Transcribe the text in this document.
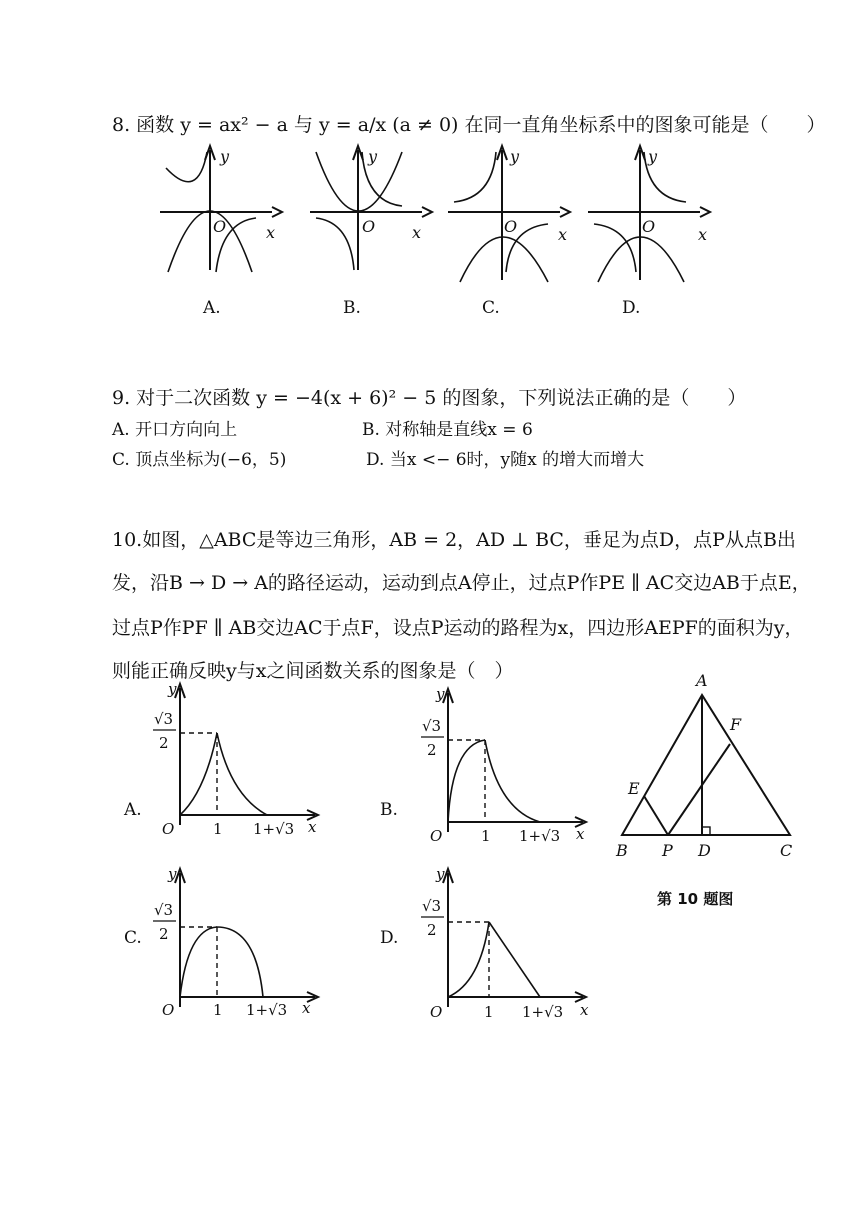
8. 函数 y = ax² − a 与 y = a/x (a ≠ 0) 在同一直角坐标系中的图象可能是（　　）
y
O x
A.
y
O x
B.
y
O	x
C.
y
O	x
D.
9. 对于二次函数 y = −4(x + 6)² − 5 的图象，下列说法正确的是（　　）
A. 开口方向向上	B. 对称轴是直线x = 6
C. 顶点坐标为(−6，5)	D. 当x <− 6时，y随x 的增大而增大
10.如图，△ABC是等边三角形，AB = 2，AD ⊥ BC，垂足为点D，点P从点B出
发，沿B → D → A的路径运动，运动到点A停止，过点P作PE ∥ AC交边AB于点E，
过点P作PF ∥ AB交边AC于点F，设点P运动的路程为x，四边形AEPF的面积为y，
则能正确反映y与x之间函数关系的图象是（　）
y
√3
2
O	1 1+√3 x
A.
y
√3
2
O	1 1+√3 x
B.
y
√3
2
O	1 1+√3 x
C.
y
√3
2
O	1 1+√3 x
D.
A
B	C
D
E
F
P
第 10 题图
